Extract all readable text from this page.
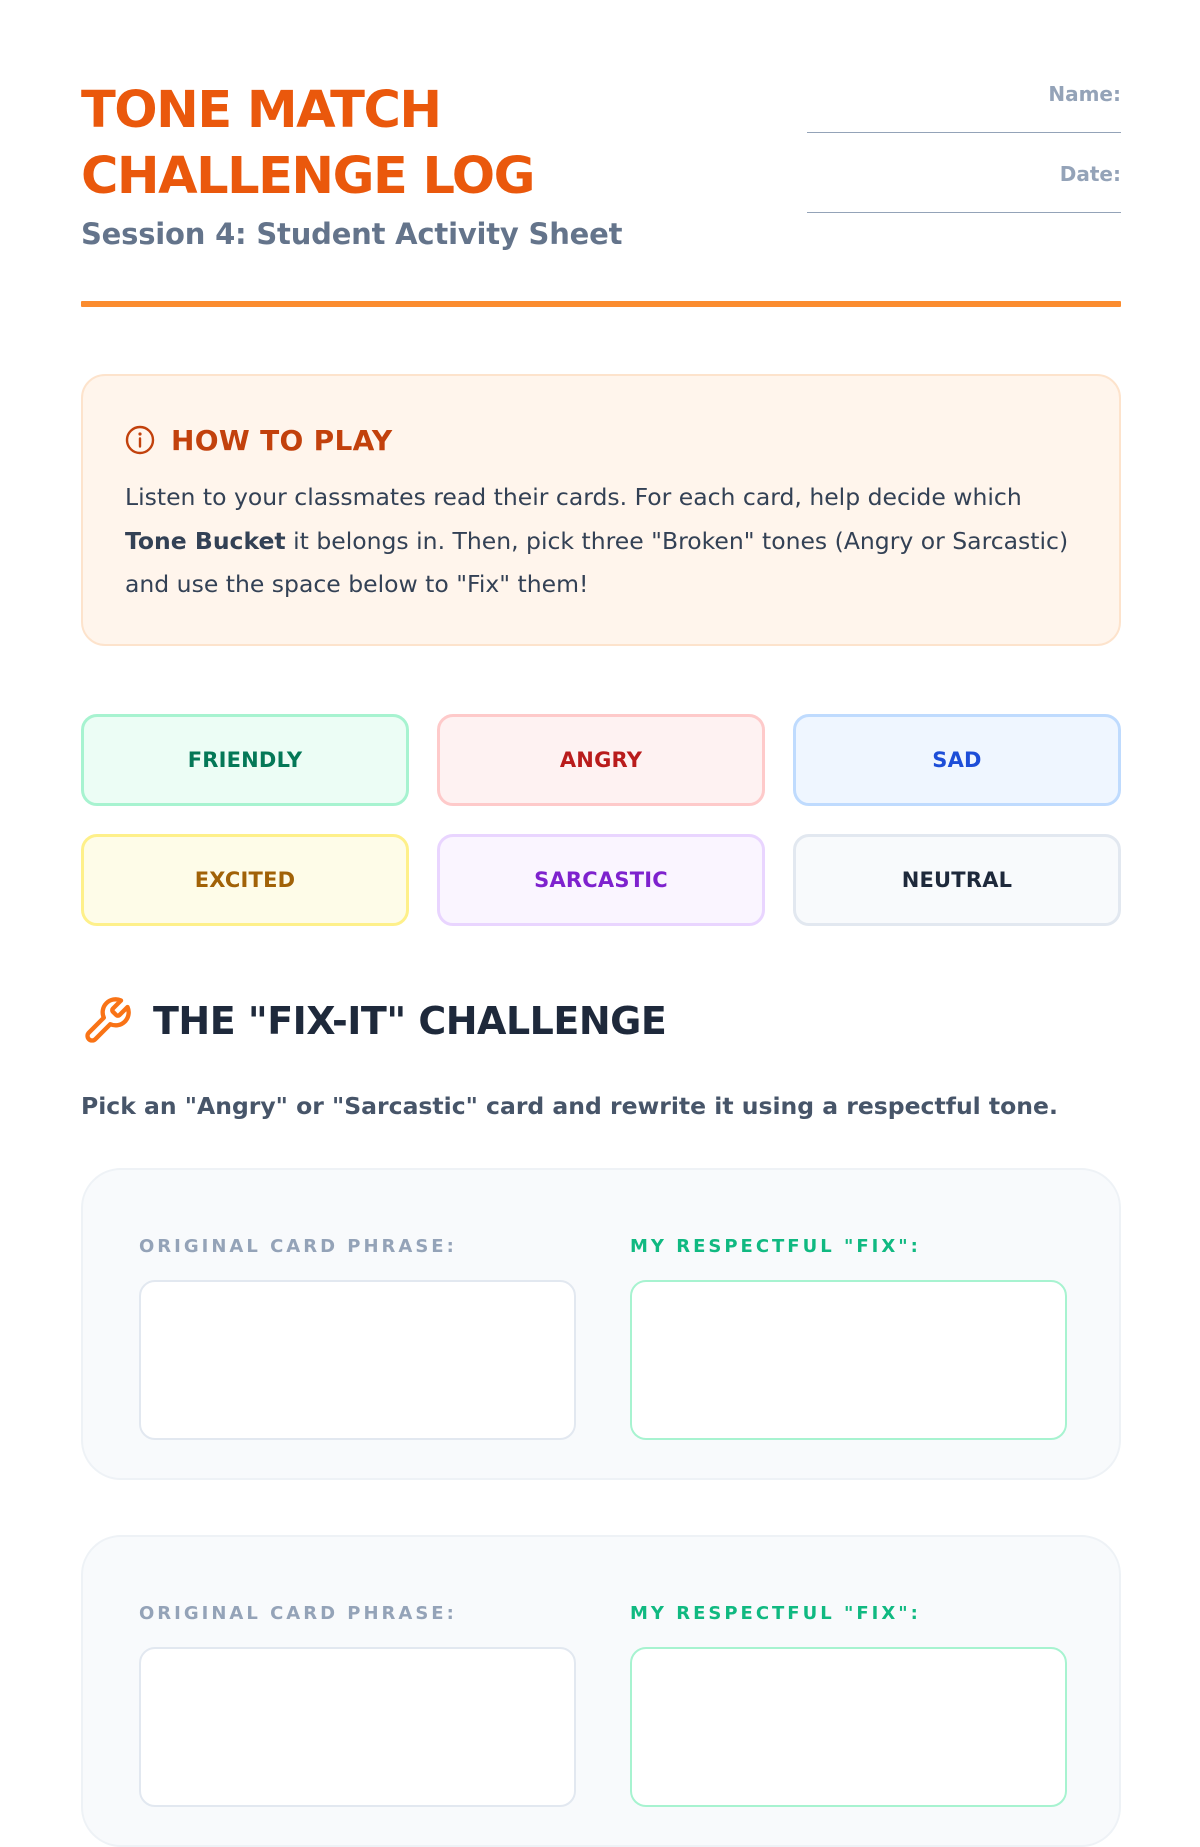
TONE MATCH
CHALLENGE LOG
Session 4: Student Activity Sheet
Name:
Date:
HOW TO PLAY

Listen to your classmates read their cards. For each card, help decide which Tone Bucket it belongs in. Then, pick three "Broken" tones (Angry or Sarcastic) and use the space below to "Fix" them!

FRIENDLY	ANGRY	SAD
EXCITED	SARCASTIC	NEUTRAL
THE "FIX-IT" CHALLENGE
Pick an "Angry" or "Sarcastic" card and rewrite it using a respectful tone.
ORIGINAL CARD PHRASE:	MY RESPECTFUL "FIX":
ORIGINAL CARD PHRASE:	MY RESPECTFUL "FIX":
